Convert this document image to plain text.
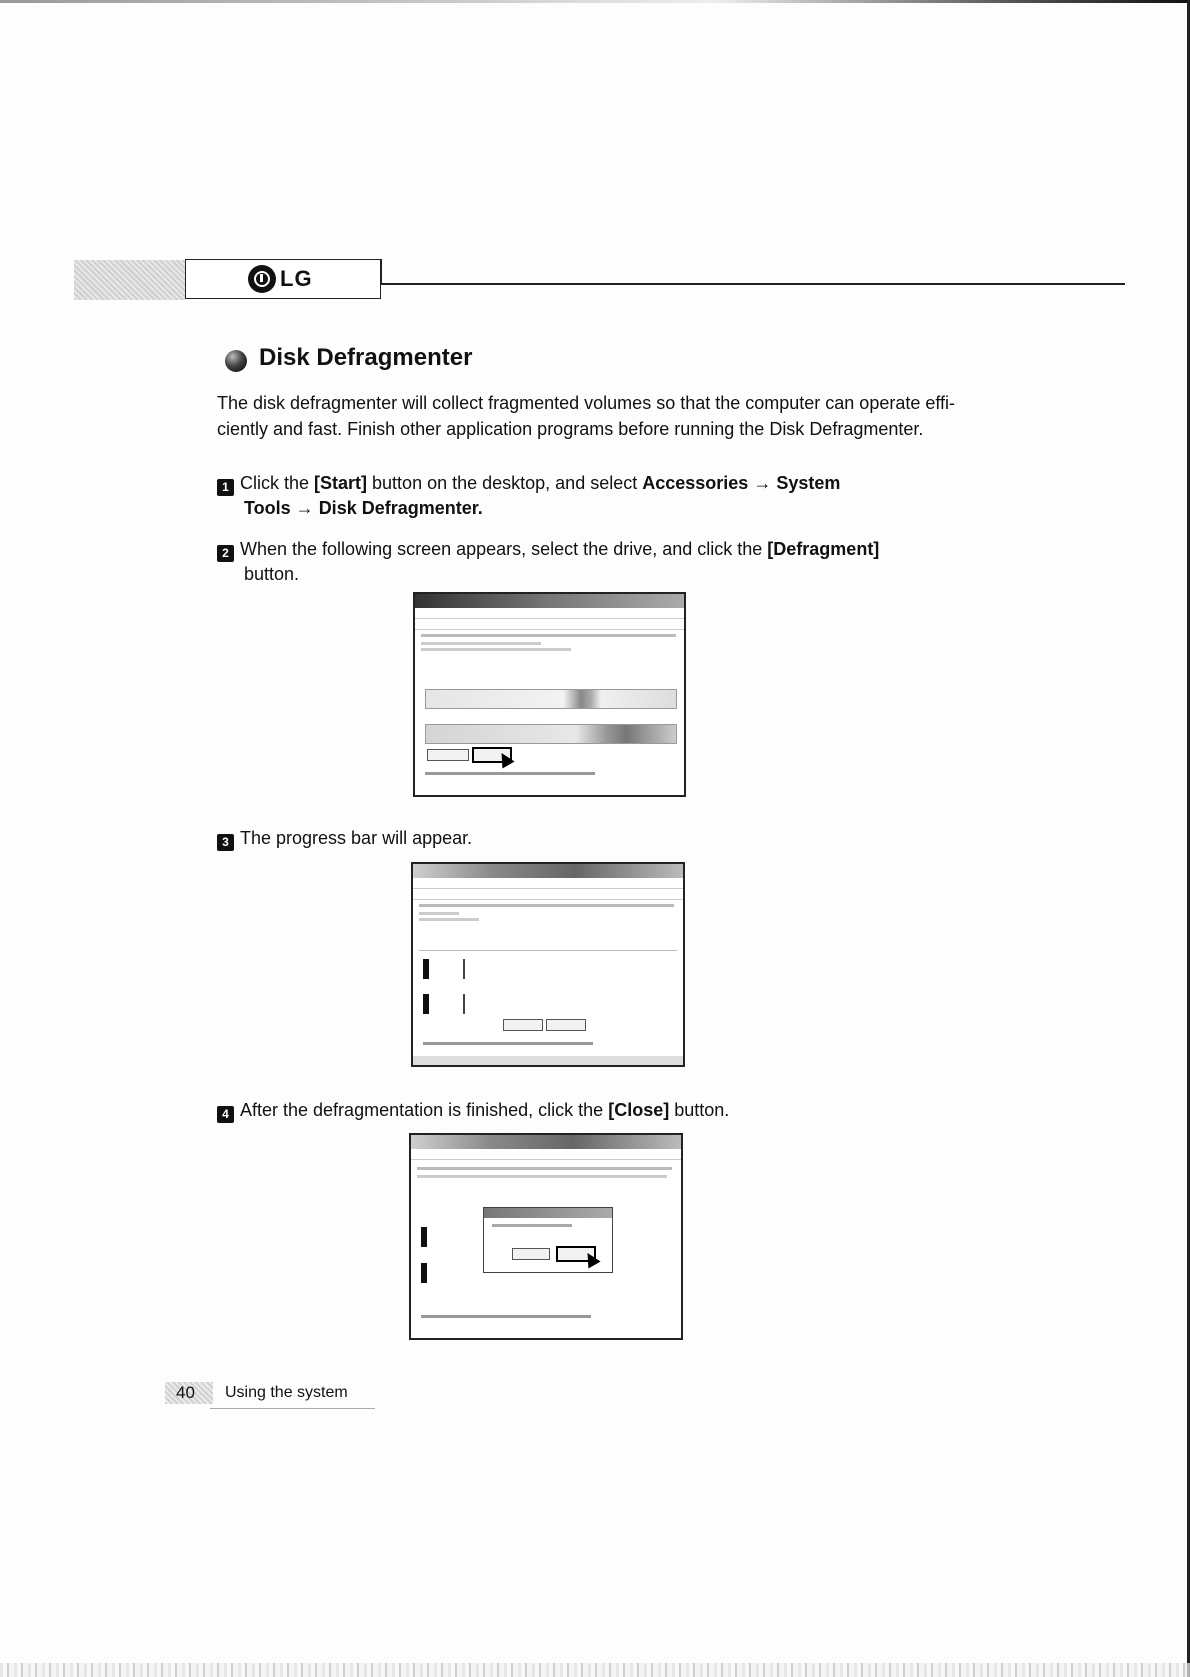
LG
Disk Defragmenter
The disk defragmenter will collect fragmented volumes so that the computer can operate effi-
ciently and fast. Finish other application programs before running the Disk Defragmenter.
1 Click the [Start] button on the desktop, and select Accessories → System
Tools → Disk Defragmenter.
2 When the following screen appears, select the drive, and click the [Defragment]
button.
3 The progress bar will appear.
4 After the defragmentation is finished, click the [Close] button.
40 Using the system
